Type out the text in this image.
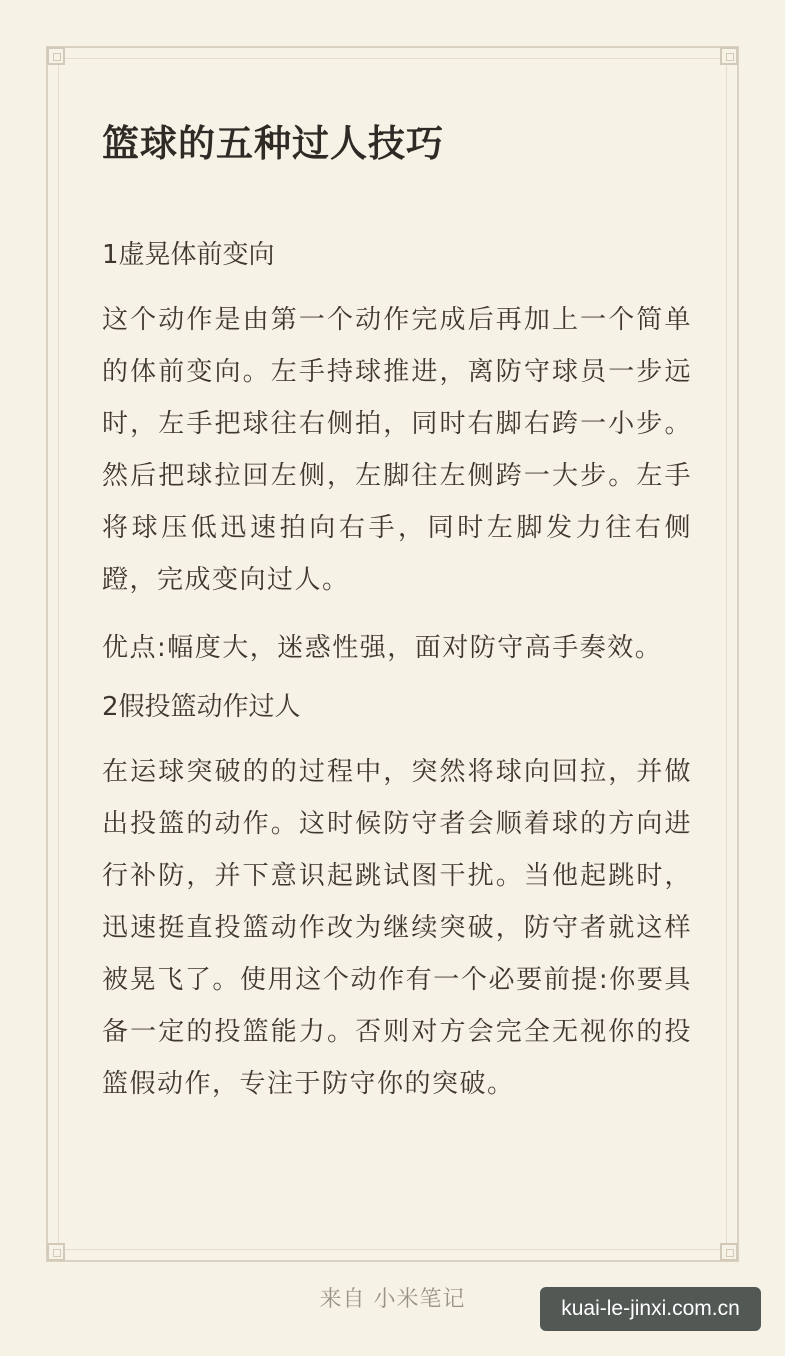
篮球的五种过人技巧

1虚晃体前变向

这个动作是由第一个动作完成后再加上一个简单的体前变向。左手持球推进，离防守球员一步远时，左手把球往右侧拍，同时右脚右跨一小步。然后把球拉回左侧，左脚往左侧跨一大步。左手将球压低迅速拍向右手，同时左脚发力往右侧蹬，完成变向过人。

优点:幅度大，迷惑性强，面对防守高手奏效。

2假投篮动作过人

在运球突破的的过程中，突然将球向回拉，并做出投篮的动作。这时候防守者会顺着球的方向进行补防，并下意识起跳试图干扰。当他起跳时，迅速挺直投篮动作改为继续突破，防守者就这样被晃飞了。使用这个动作有一个必要前提:你要具备一定的投篮能力。否则对方会完全无视你的投篮假动作，专注于防守你的突破。

来自 小米笔记	kuai-le-jinxi.com.cn
